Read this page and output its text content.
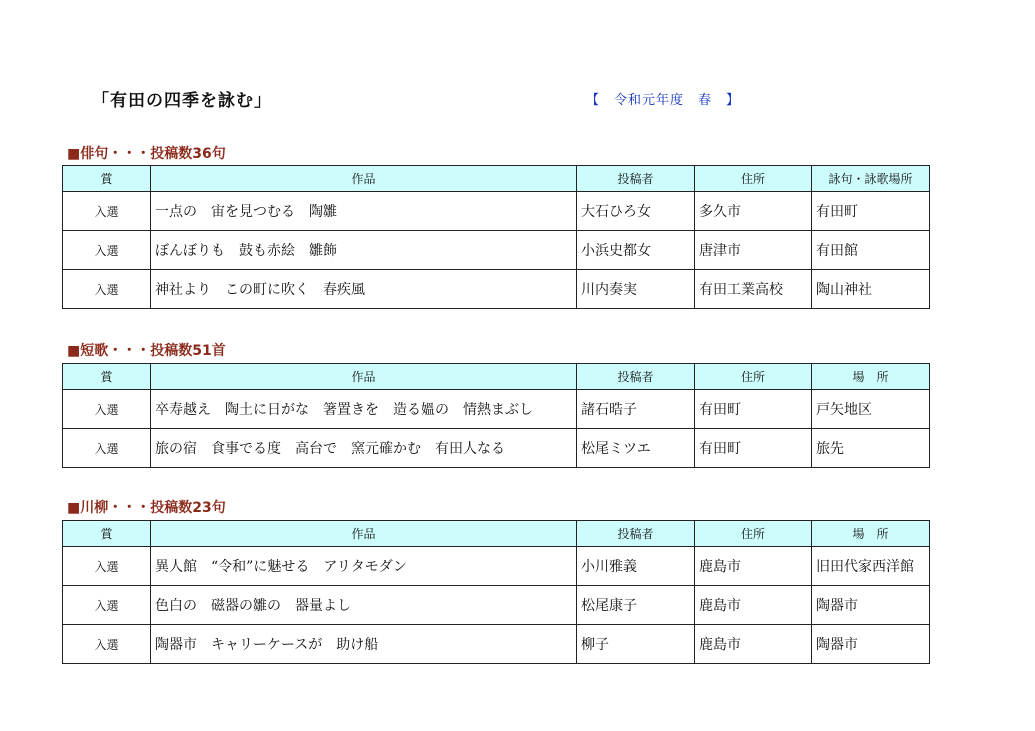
「有田の四季を詠む」	【　令和元年度　春　】
■俳句・・・投稿数36句
賞	作品	投稿者	住所	詠句・詠歌場所
入選	一点の　宙を見つむる　陶雛	大石ひろ女	多久市	有田町
入選	ぼんぼりも　鼓も赤絵　雛飾	小浜史都女	唐津市	有田館
入選	神社より　この町に吹く　春疾風	川内奏実	有田工業高校	陶山神社
■短歌・・・投稿数51首
賞	作品	投稿者	住所	場　所
入選	卒寿越え　陶土に日がな　箸置きを　造る媼の　情熱まぶし	諸石晧子	有田町	戸矢地区
入選	旅の宿　食事でる度　高台で　窯元確かむ　有田人なる	松尾ミツエ	有田町	旅先
■川柳・・・投稿数23句
賞	作品	投稿者	住所	場　所
入選	異人館　“令和”に魅せる　アリタモダン	小川雅義	鹿島市	旧田代家西洋館
入選	色白の　磁器の雛の　器量よし	松尾康子	鹿島市	陶器市
入選	陶器市　キャリーケースが　助け船	柳子	鹿島市	陶器市
